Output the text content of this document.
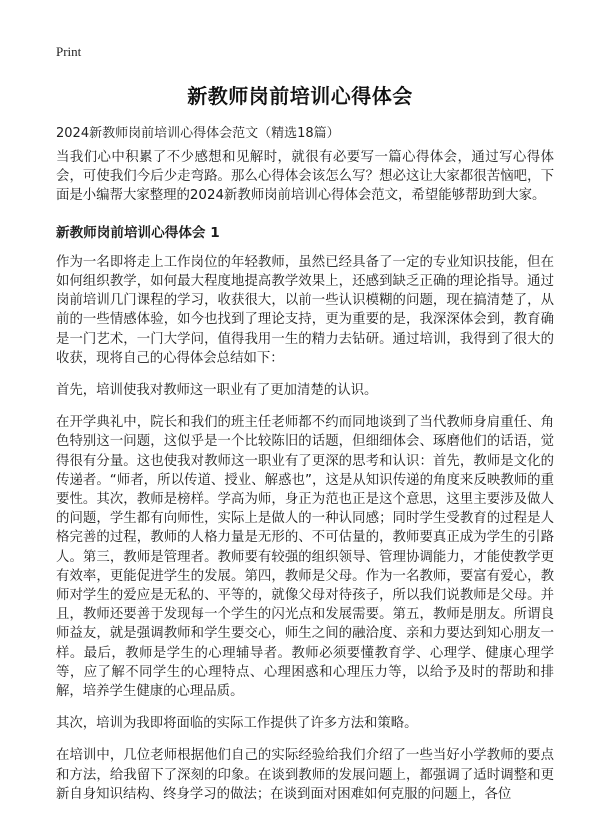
Print
新教师岗前培训心得体会
2024新教师岗前培训心得体会范文（精选18篇）

当我们心中积累了不少感想和见解时，就很有必要写一篇心得体会，通过写心得体会，可使我们今后少走弯路。那么心得体会该怎么写？想必这让大家都很苦恼吧，下面是小编帮大家整理的2024新教师岗前培训心得体会范文，希望能够帮助到大家。

新教师岗前培训心得体会 1

作为一名即将走上工作岗位的年轻教师，虽然已经具备了一定的专业知识技能，但在如何组织教学，如何最大程度地提高教学效果上，还感到缺乏正确的理论指导。通过岗前培训几门课程的学习，收获很大，以前一些认识模糊的问题，现在搞清楚了，从前的一些情感体验，如今也找到了理论支持，更为重要的是，我深深体会到，教育确是一门艺术，一门大学问，值得我用一生的精力去钻研。通过培训，我得到了很大的收获，现将自己的心得体会总结如下：

首先，培训使我对教师这一职业有了更加清楚的认识。

在开学典礼中，院长和我们的班主任老师都不约而同地谈到了当代教师身肩重任、角色特别这一问题，这似乎是一个比较陈旧的话题，但细细体会、琢磨他们的话语，觉得很有分量。这也使我对教师这一职业有了更深的思考和认识：首先，教师是文化的传递者。“师者，所以传道、授业、解惑也”，这是从知识传递的角度来反映教师的重要性。其次，教师是榜样。学高为师，身正为范也正是这个意思，这里主要涉及做人的问题，学生都有向师性，实际上是做人的一种认同感；同时学生受教育的过程是人格完善的过程，教师的人格力量是无形的、不可估量的，教师要真正成为学生的引路人。第三，教师是管理者。教师要有较强的组织领导、管理协调能力，才能使教学更有效率，更能促进学生的发展。第四，教师是父母。作为一名教师，要富有爱心，教师对学生的爱应是无私的、平等的，就像父母对待孩子，所以我们说教师是父母。并且，教师还要善于发现每一个学生的闪光点和发展需要。第五，教师是朋友。所谓良师益友，就是强调教师和学生要交心，师生之间的融洽度、亲和力要达到知心朋友一样。最后，教师是学生的心理辅导者。教师必须要懂教育学、心理学、健康心理学等，应了解不同学生的心理特点、心理困惑和心理压力等，以给予及时的帮助和排解，培养学生健康的心理品质。

其次，培训为我即将面临的实际工作提供了许多方法和策略。

在培训中，几位老师根据他们自己的实际经验给我们介绍了一些当好小学教师的要点和方法，给我留下了深刻的印象。在谈到教师的发展问题上，都强调了适时调整和更新自身知识结构、终身学习的做法；在谈到面对困难如何克服的问题上，各位
